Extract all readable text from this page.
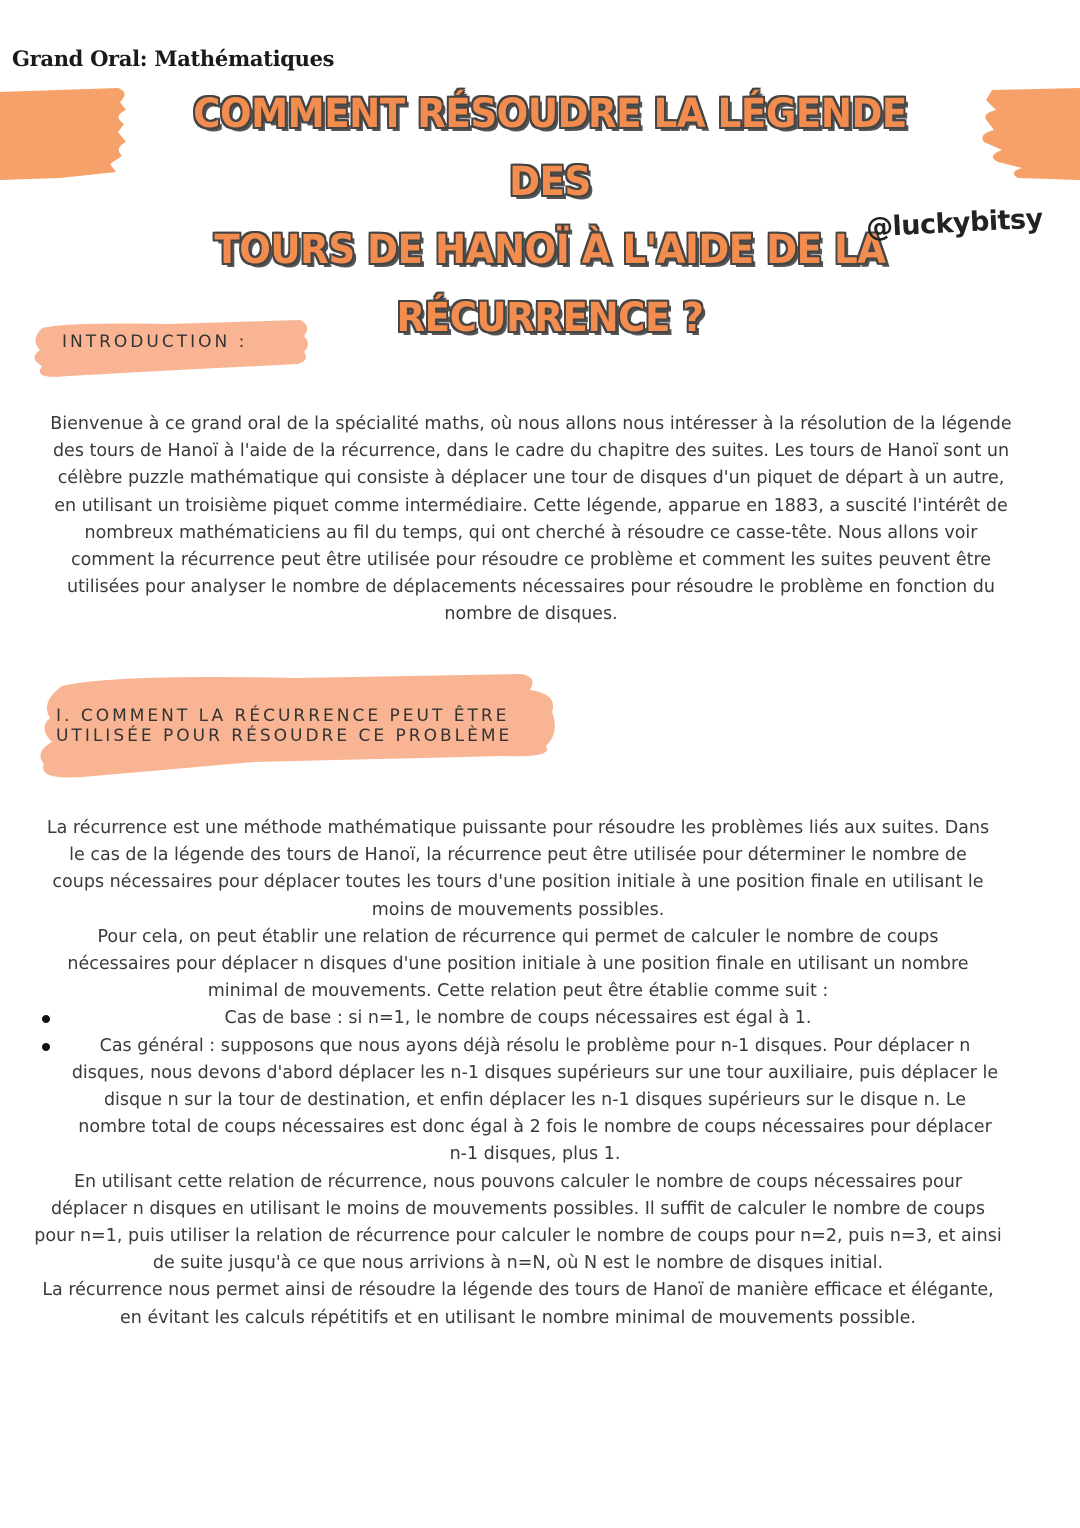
Grand Oral: Mathématiques
COMMENT RÉSOUDRE LA LÉGENDE DES
TOURS DE HANOÏ À L'AIDE DE LA
RÉCURRENCE ?
@luckybitsy
INTRODUCTION :

Bienvenue à ce grand oral de la spécialité maths, où nous allons nous intéresser à la résolution de la légende des tours de Hanoï à l'aide de la récurrence, dans le cadre du chapitre des suites. Les tours de Hanoï sont un célèbre puzzle mathématique qui consiste à déplacer une tour de disques d'un piquet de départ à un autre, en utilisant un troisième piquet comme intermédiaire. Cette légende, apparue en 1883, a suscité l'intérêt de nombreux mathématiciens au fil du temps, qui ont cherché à résoudre ce casse-tête. Nous allons voir comment la récurrence peut être utilisée pour résoudre ce problème et comment les suites peuvent être utilisées pour analyser le nombre de déplacements nécessaires pour résoudre le problème en fonction du nombre de disques.

I. COMMENT LA RÉCURRENCE PEUT ÊTRE
UTILISÉE POUR RÉSOUDRE CE PROBLÈME

La récurrence est une méthode mathématique puissante pour résoudre les problèmes liés aux suites. Dans le cas de la légende des tours de Hanoï, la récurrence peut être utilisée pour déterminer le nombre de coups nécessaires pour déplacer toutes les tours d'une position initiale à une position finale en utilisant le moins de mouvements possibles.

Pour cela, on peut établir une relation de récurrence qui permet de calculer le nombre de coups nécessaires pour déplacer n disques d'une position initiale à une position finale en utilisant un nombre minimal de mouvements. Cette relation peut être établie comme suit :

Cas de base : si n=1, le nombre de coups nécessaires est égal à 1.

Cas général : supposons que nous ayons déjà résolu le problème pour n-1 disques. Pour déplacer n disques, nous devons d'abord déplacer les n-1 disques supérieurs sur une tour auxiliaire, puis déplacer le disque n sur la tour de destination, et enfin déplacer les n-1 disques supérieurs sur le disque n. Le nombre total de coups nécessaires est donc égal à 2 fois le nombre de coups nécessaires pour déplacer n-1 disques, plus 1.

En utilisant cette relation de récurrence, nous pouvons calculer le nombre de coups nécessaires pour déplacer n disques en utilisant le moins de mouvements possibles. Il suffit de calculer le nombre de coups pour n=1, puis utiliser la relation de récurrence pour calculer le nombre de coups pour n=2, puis n=3, et ainsi de suite jusqu'à ce que nous arrivions à n=N, où N est le nombre de disques initial.

La récurrence nous permet ainsi de résoudre la légende des tours de Hanoï de manière efficace et élégante, en évitant les calculs répétitifs et en utilisant le nombre minimal de mouvements possible.
